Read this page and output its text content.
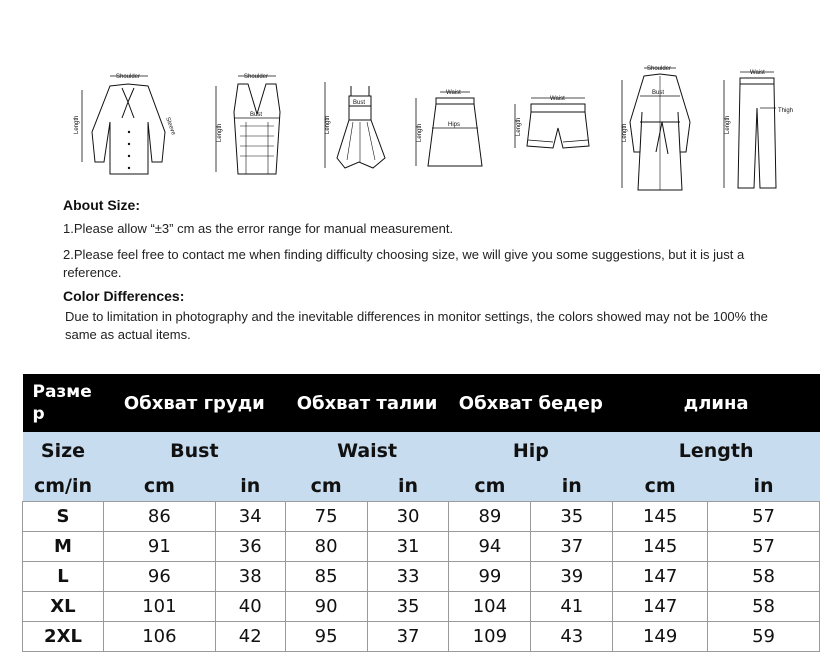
Shoulder
Length	Sleeve
Shoulder
Length
Bust
Length
Bust
Waist
Length	Hips
Waist
Length
Shoulder
Length
Bust
Waist
Length
Thigh

About Size:

1.Please allow “±3” cm as the error range for manual measurement.

2.Please feel free to contact me when finding difficulty choosing size, we will give you some suggestions, but it is just a reference.

Color Differences:

Due to limitation in photography and the inevitable differences in monitor settings, the colors showed may not be 100% the same as actual items.

Разме р	Обхват груди		Обхват талии		Обхват бедер		длина	
Size	Bust		Waist		Hip		Length	
cm/in	cm	in	cm	in	cm	in	cm	in
S	86	34	75	30	89	35	145	57
M	91	36	80	31	94	37	145	57
L	96	38	85	33	99	39	147	58
XL	101	40	90	35	104	41	147	58
2XL	106	42	95	37	109	43	149	59
